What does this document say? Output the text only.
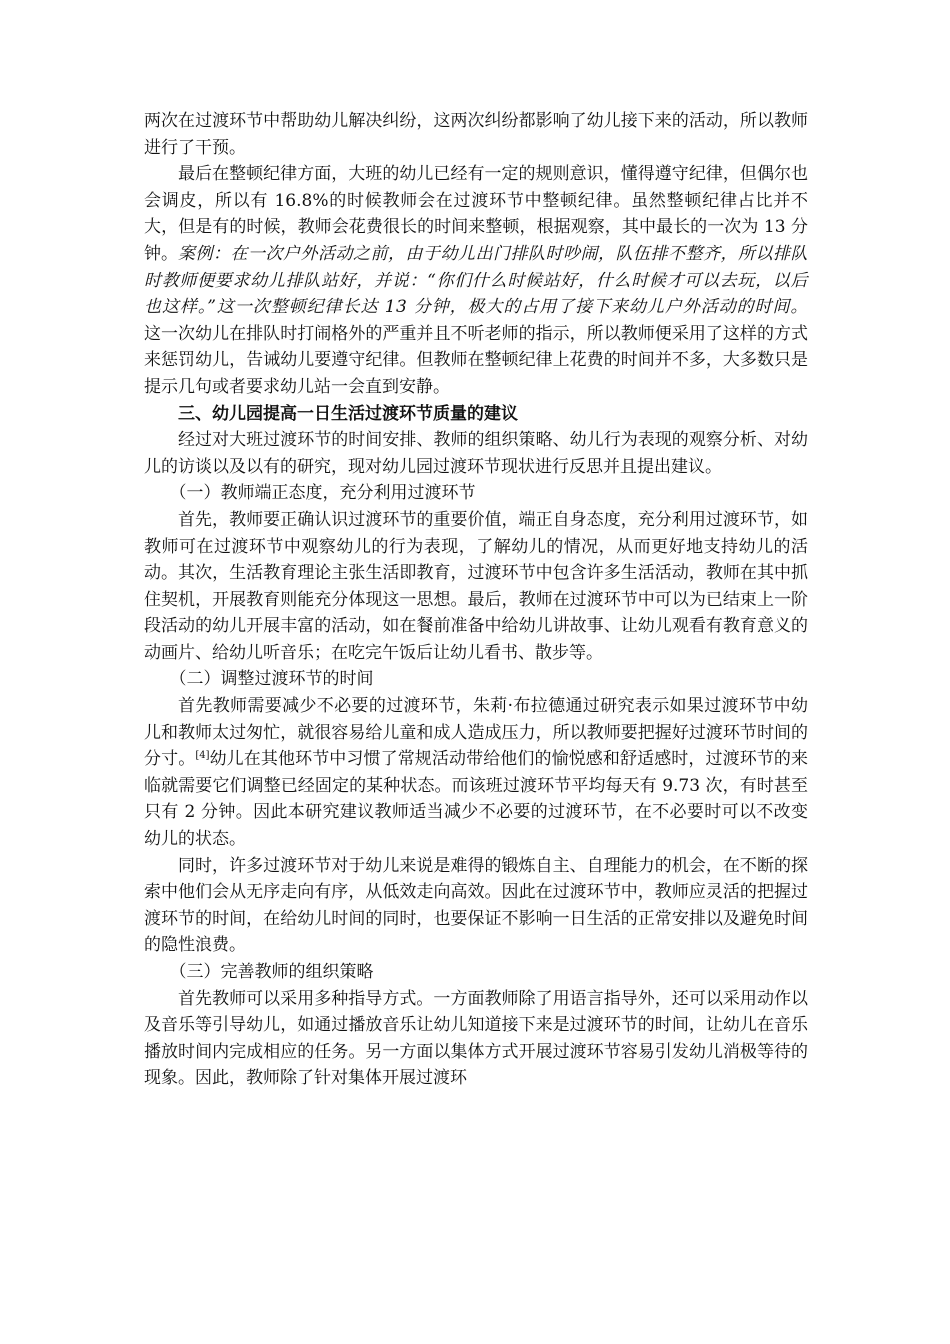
两次在过渡环节中帮助幼儿解决纠纷，这两次纠纷都影响了幼儿接下来的活动，所以教师进行了干预。

最后在整顿纪律方面，大班的幼儿已经有一定的规则意识，懂得遵守纪律，但偶尔也会调皮，所以有 16.8%的时候教师会在过渡环节中整顿纪律。虽然整顿纪律占比并不大，但是有的时候，教师会花费很长的时间来整顿，根据观察，其中最长的一次为 13 分钟。案例：在一次户外活动之前，由于幼儿出门排队时吵闹，队伍排不整齐，所以排队时教师便要求幼儿排队站好，并说：“你们什么时候站好，什么时候才可以去玩，以后也这样。”这一次整顿纪律长达 13 分钟，极大的占用了接下来幼儿户外活动的时间。这一次幼儿在排队时打闹格外的严重并且不听老师的指示，所以教师便采用了这样的方式来惩罚幼儿，告诫幼儿要遵守纪律。但教师在整顿纪律上花费的时间并不多，大多数只是提示几句或者要求幼儿站一会直到安静。

三、幼儿园提高一日生活过渡环节质量的建议

经过对大班过渡环节的时间安排、教师的组织策略、幼儿行为表现的观察分析、对幼儿的访谈以及以有的研究，现对幼儿园过渡环节现状进行反思并且提出建议。

（一）教师端正态度，充分利用过渡环节

首先，教师要正确认识过渡环节的重要价值，端正自身态度，充分利用过渡环节，如教师可在过渡环节中观察幼儿的行为表现，了解幼儿的情况，从而更好地支持幼儿的活动。其次，生活教育理论主张生活即教育，过渡环节中包含许多生活活动，教师在其中抓住契机，开展教育则能充分体现这一思想。最后，教师在过渡环节中可以为已结束上一阶段活动的幼儿开展丰富的活动，如在餐前准备中给幼儿讲故事、让幼儿观看有教育意义的动画片、给幼儿听音乐；在吃完午饭后让幼儿看书、散步等。

（二）调整过渡环节的时间

首先教师需要减少不必要的过渡环节，朱莉·布拉德通过研究表示如果过渡环节中幼儿和教师太过匆忙，就很容易给儿童和成人造成压力，所以教师要把握好过渡环节时间的分寸。[4]幼儿在其他环节中习惯了常规活动带给他们的愉悦感和舒适感时，过渡环节的来临就需要它们调整已经固定的某种状态。而该班过渡环节平均每天有 9.73 次，有时甚至只有 2 分钟。因此本研究建议教师适当减少不必要的过渡环节，在不必要时可以不改变幼儿的状态。

同时，许多过渡环节对于幼儿来说是难得的锻炼自主、自理能力的机会，在不断的探索中他们会从无序走向有序，从低效走向高效。因此在过渡环节中，教师应灵活的把握过渡环节的时间，在给幼儿时间的同时，也要保证不影响一日生活的正常安排以及避免时间的隐性浪费。

（三）完善教师的组织策略

首先教师可以采用多种指导方式。一方面教师除了用语言指导外，还可以采用动作以及音乐等引导幼儿，如通过播放音乐让幼儿知道接下来是过渡环节的时间，让幼儿在音乐播放时间内完成相应的任务。另一方面以集体方式开展过渡环节容易引发幼儿消极等待的现象。因此，教师除了针对集体开展过渡环
